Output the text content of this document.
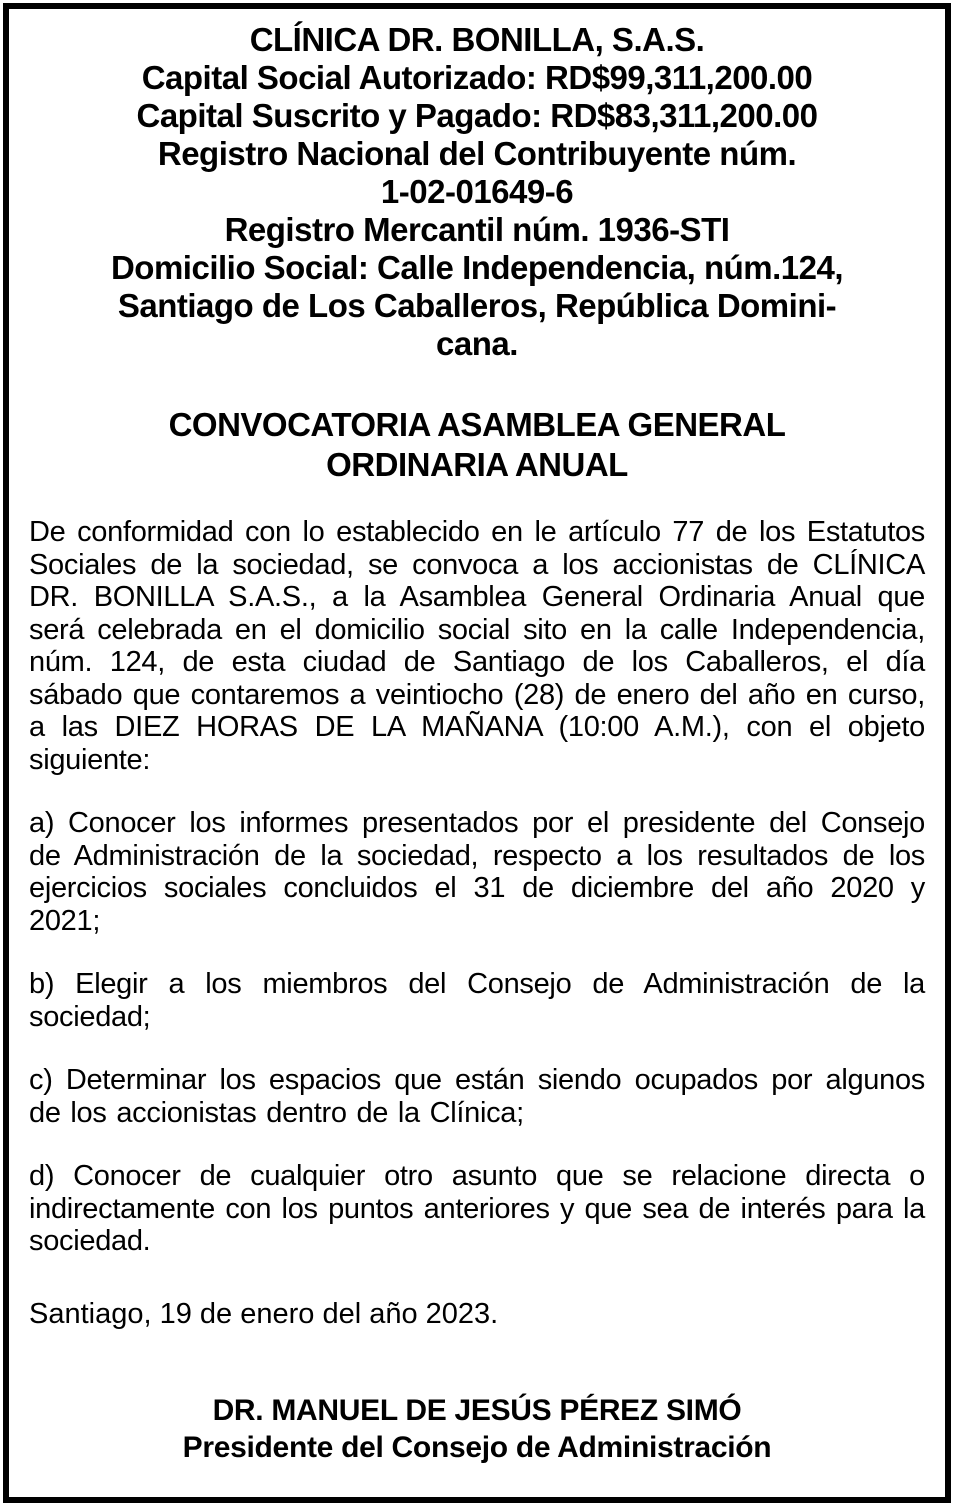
CLÍNICA DR. BONILLA, S.A.S.
Capital Social Autorizado: RD$99,311,200.00
Capital Suscrito y Pagado: RD$83,311,200.00
Registro Nacional del Contribuyente núm.
1-02-01649-6
Registro Mercantil núm. 1936-STI
Domicilio Social: Calle Independencia, núm.124,
Santiago de Los Caballeros, República Domini-
cana.
CONVOCATORIA ASAMBLEA GENERAL
ORDINARIA ANUAL

De conformidad con lo establecido en le artículo 77 de los Estatutos Sociales de la sociedad, se convoca a los accionistas de CLÍNICA DR. BONILLA S.A.S., a la Asamblea General Ordinaria Anual que será celebrada en el domicilio social sito en la calle Independencia, núm. 124, de esta ciudad de Santiago de los Caballeros, el día sábado que contaremos a veintiocho (28) de enero del año en curso, a las DIEZ HORAS DE LA MAÑANA (10:00 A.M.), con el objeto siguiente:

a) Conocer los informes presentados por el presidente del Consejo de Administración de la sociedad, respecto a los resultados de los ejercicios sociales concluidos el 31 de diciembre del año 2020 y 2021;

b) Elegir a los miembros del Consejo de Administración de la sociedad;

c) Determinar los espacios que están siendo ocupados por algunos de los accionistas dentro de la Clínica;

d) Conocer de cualquier otro asunto que se relacione directa o indirectamente con los puntos anteriores y que sea de interés para la sociedad.

Santiago, 19 de enero del año 2023.

DR. MANUEL DE JESÚS PÉREZ SIMÓ
Presidente del Consejo de Administración
